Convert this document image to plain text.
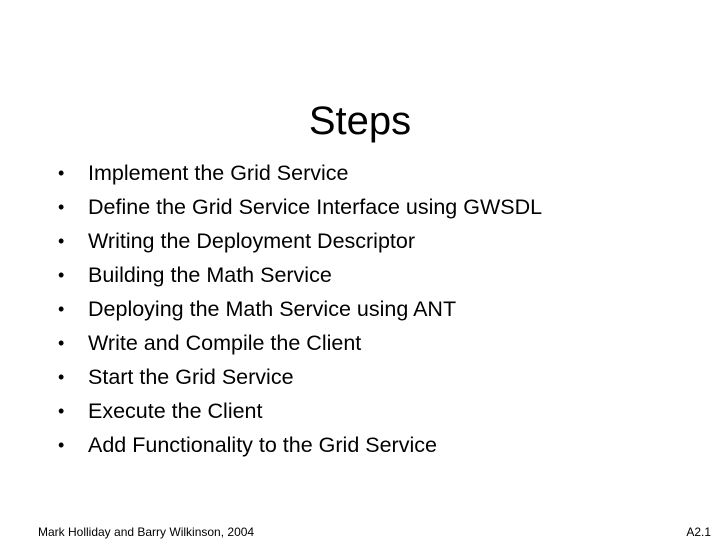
Steps
•	Implement the Grid Service
•	Define the Grid Service Interface using GWSDL
•	Writing the Deployment Descriptor
•	Building the Math Service
•	Deploying the Math Service using ANT
•	Write and Compile the Client
•	Start the Grid Service
•	Execute the Client
•	Add Functionality to the Grid Service
Mark Holliday and Barry Wilkinson, 2004	A2.1
